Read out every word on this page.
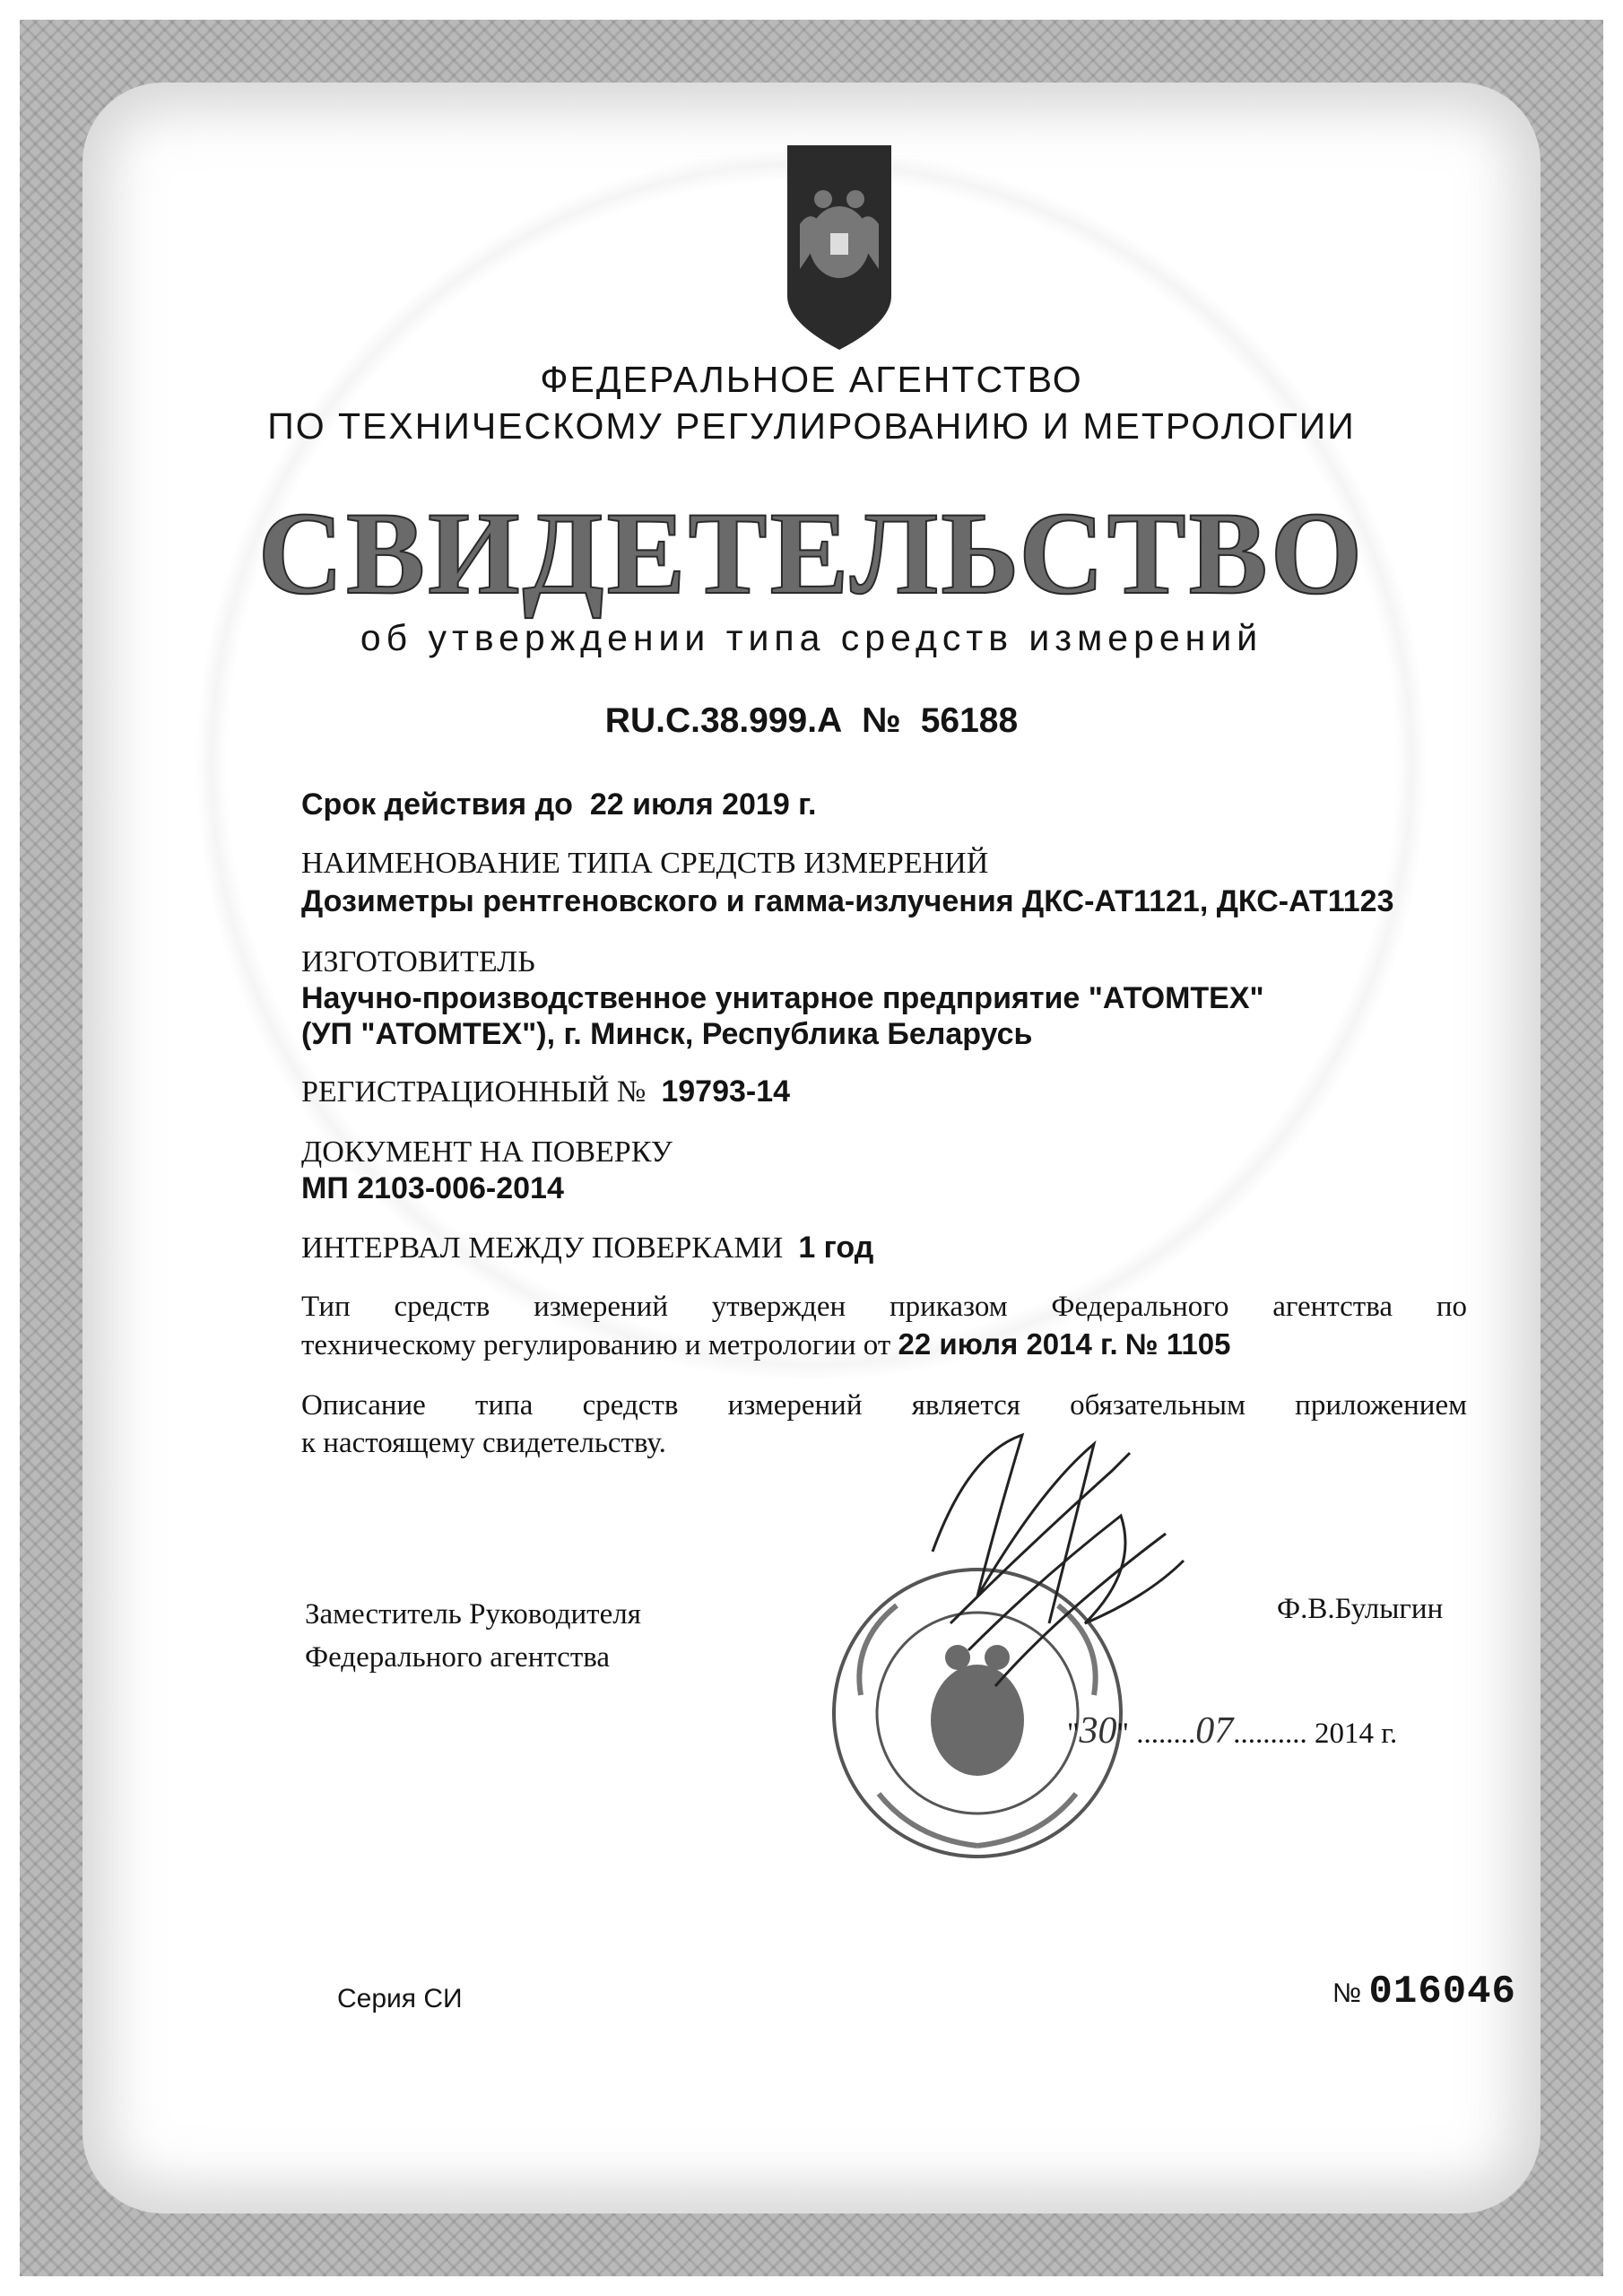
ФЕДЕРАЛЬНОЕ АГЕНТСТВО
ПО ТЕХНИЧЕСКОМУ РЕГУЛИРОВАНИЮ И МЕТРОЛОГИИ
СВИДЕТЕЛЬСТВО
об утверждении типа средств измерений
RU.C.38.999.A № 56188
Срок действия до 22 июля 2019 г.
НАИМЕНОВАНИЕ ТИПА СРЕДСТВ ИЗМЕРЕНИЙ
Дозиметры рентгеновского и гамма-излучения ДКС-АТ1121, ДКС-АТ1123
ИЗГОТОВИТЕЛЬ
Научно-производственное унитарное предприятие "АТОМТЕХ"
(УП "АТОМТЕХ"), г. Минск, Республика Беларусь
РЕГИСТРАЦИОННЫЙ № 19793-14
ДОКУМЕНТ НА ПОВЕРКУ
МП 2103-006-2014
ИНТЕРВАЛ МЕЖДУ ПОВЕРКАМИ 1 год
Тип средств измерений утвержден приказом Федерального агентства по
техническому регулированию и метрологии от 22 июля 2014 г. № 1105
Описание типа средств измерений является обязательным приложением
к настоящему свидетельству.
Заместитель Руководителя
Федерального агентства
Ф.В.Булыгин
"30" ........07.......... 2014 г.
Серия СИ	№ 016046
